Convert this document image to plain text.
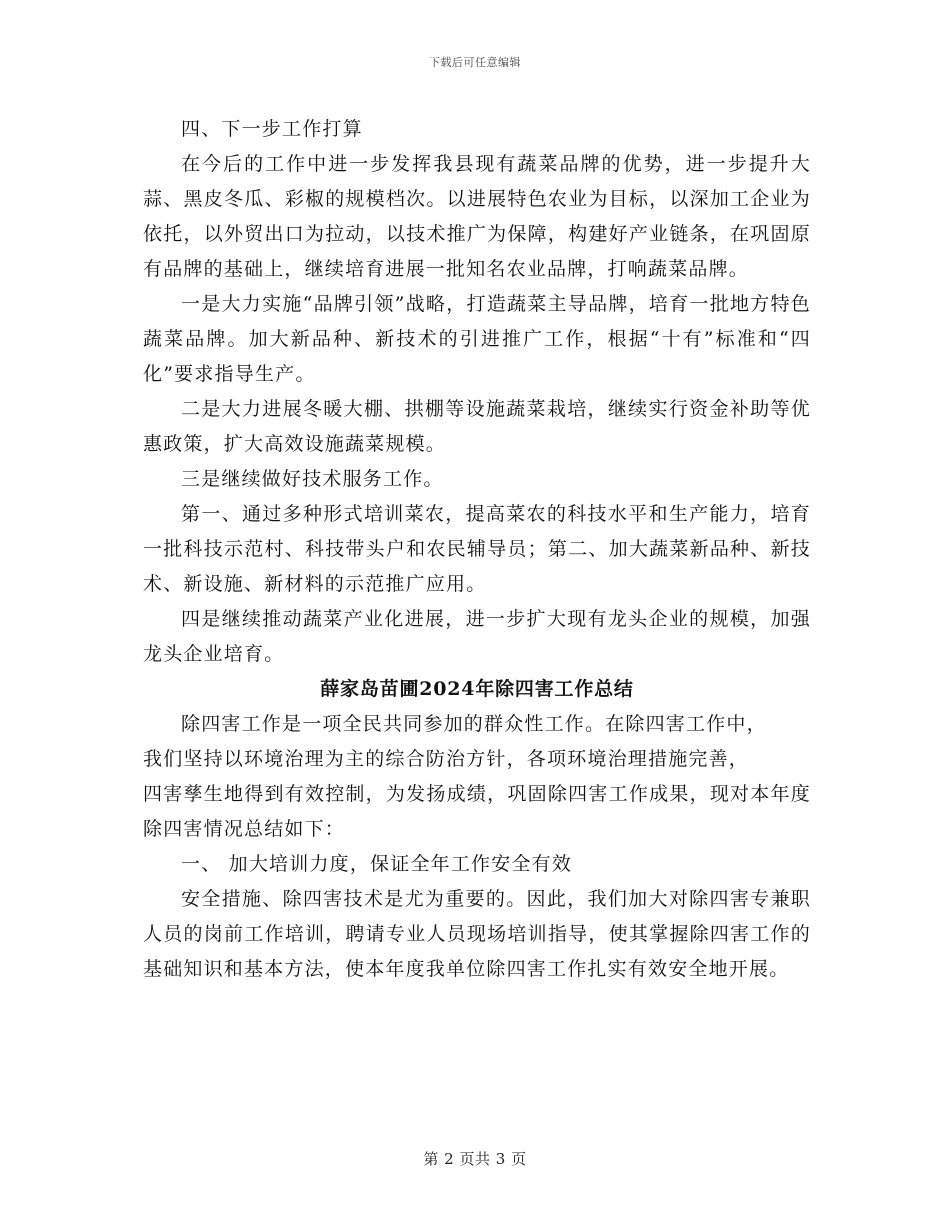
下载后可任意编辑

四、下一步工作打算

在今后的工作中进一步发挥我县现有蔬菜品牌的优势，进一步提升大蒜、黑皮冬瓜、彩椒的规模档次。以进展特色农业为目标，以深加工企业为依托，以外贸出口为拉动，以技术推广为保障，构建好产业链条，在巩固原有品牌的基础上，继续培育进展一批知名农业品牌，打响蔬菜品牌。

一是大力实施“品牌引领”战略，打造蔬菜主导品牌，培育一批地方特色蔬菜品牌。加大新品种、新技术的引进推广工作，根据“十有”标准和“四化”要求指导生产。

二是大力进展冬暖大棚、拱棚等设施蔬菜栽培，继续实行资金补助等优惠政策，扩大高效设施蔬菜规模。

三是继续做好技术服务工作。

第一、通过多种形式培训菜农，提高菜农的科技水平和生产能力，培育一批科技示范村、科技带头户和农民辅导员；第二、加大蔬菜新品种、新技术、新设施、新材料的示范推广应用。

四是继续推动蔬菜产业化进展，进一步扩大现有龙头企业的规模，加强龙头企业培育。

薛家岛苗圃2024年除四害工作总结

除四害工作是一项全民共同参加的群众性工作。在除四害工作中，

我们坚持以环境治理为主的综合防治方针，各项环境治理措施完善，

四害孳生地得到有效控制，为发扬成绩，巩固除四害工作成果，现对本年度除四害情况总结如下：

一、 加大培训力度，保证全年工作安全有效

安全措施、除四害技术是尤为重要的。因此，我们加大对除四害专兼职人员的岗前工作培训，聘请专业人员现场培训指导，使其掌握除四害工作的基础知识和基本方法，使本年度我单位除四害工作扎实有效安全地开展。

第 2 页共 3 页
